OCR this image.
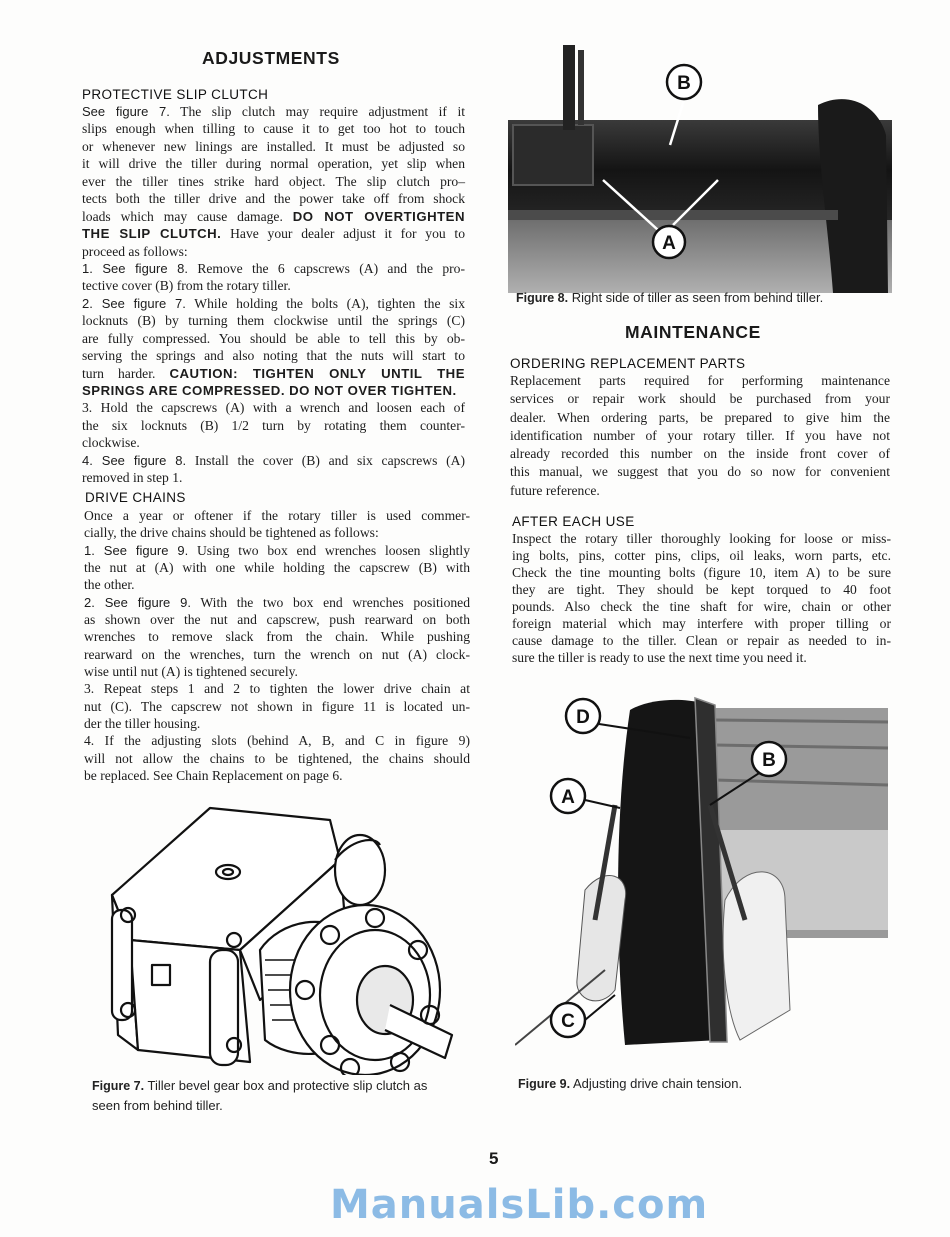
ADJUSTMENTS
PROTECTIVE SLIP CLUTCH
See figure 7. The slip clutch may require adjustment if it
slips enough when tilling to cause it to get too hot to touch
or whenever new linings are installed. It must be adjusted so
it will drive the tiller during normal operation, yet slip when
ever the tiller tines strike hard object. The slip clutch pro–
tects both the tiller drive and the power take off from shock
loads which may cause damage. DO NOT OVERTIGHTEN
THE SLIP CLUTCH. Have your dealer adjust it for you to
proceed as follows:
1. See figure 8. Remove the 6 capscrews (A) and the pro-
tective cover (B) from the rotary tiller.
2. See figure 7. While holding the bolts (A), tighten the six
locknuts (B) by turning them clockwise until the springs (C)
are fully compressed. You should be able to tell this by ob-
serving the springs and also noting that the nuts will start to
turn harder. CAUTION: TIGHTEN ONLY UNTIL THE
SPRINGS ARE COMPRESSED. DO NOT OVER TIGHTEN.
3. Hold the capscrews (A) with a wrench and loosen each of
the six locknuts (B) 1/2 turn by rotating them counter-
clockwise.
4. See figure 8. Install the cover (B) and six capscrews (A)
removed in step 1.
DRIVE CHAINS
Once a year or oftener if the rotary tiller is used commer-
cially, the drive chains should be tightened as follows:
1. See figure 9. Using two box end wrenches loosen slightly
the nut at (A) with one while holding the capscrew (B) with
the other.
2. See figure 9. With the two box end wrenches positioned
as shown over the nut and capscrew, push rearward on both
wrenches to remove slack from the chain. While pushing
rearward on the wrenches, turn the wrench on nut (A) clock-
wise until nut (A) is tightened securely.
3. Repeat steps 1 and 2 to tighten the lower drive chain at
nut (C). The capscrew not shown in figure 11 is located un-
der the tiller housing.
4. If the adjusting slots (behind A, B, and C in figure 9)
will not allow the chains to be tightened, the chains should
be replaced. See Chain Replacement on page 6.
Figure 7. Tiller bevel gear box and protective slip clutch as
seen from behind tiller.
B
A
Figure 8. Right side of tiller as seen from behind tiller.
MAINTENANCE
ORDERING REPLACEMENT PARTS
Replacement parts required for performing maintenance
services or repair work should be purchased from your
dealer. When ordering parts, be prepared to give him the
identification number of your rotary tiller. If you have not
already recorded this number on the inside front cover of
this manual, we suggest that you do so now for convenient
future reference.
AFTER EACH USE
Inspect the rotary tiller thoroughly looking for loose or miss-
ing bolts, pins, cotter pins, clips, oil leaks, worn parts, etc.
Check the tine mounting bolts (figure 10, item A) to be sure
they are tight. They should be kept torqued to 40 foot
pounds. Also check the tine shaft for wire, chain or other
foreign material which may interfere with proper tilling or
cause damage to the tiller. Clean or repair as needed to in-
sure the tiller is ready to use the next time you need it.
D
A
B
C
Figure 9. Adjusting drive chain tension.
5
ManualsLib.com
